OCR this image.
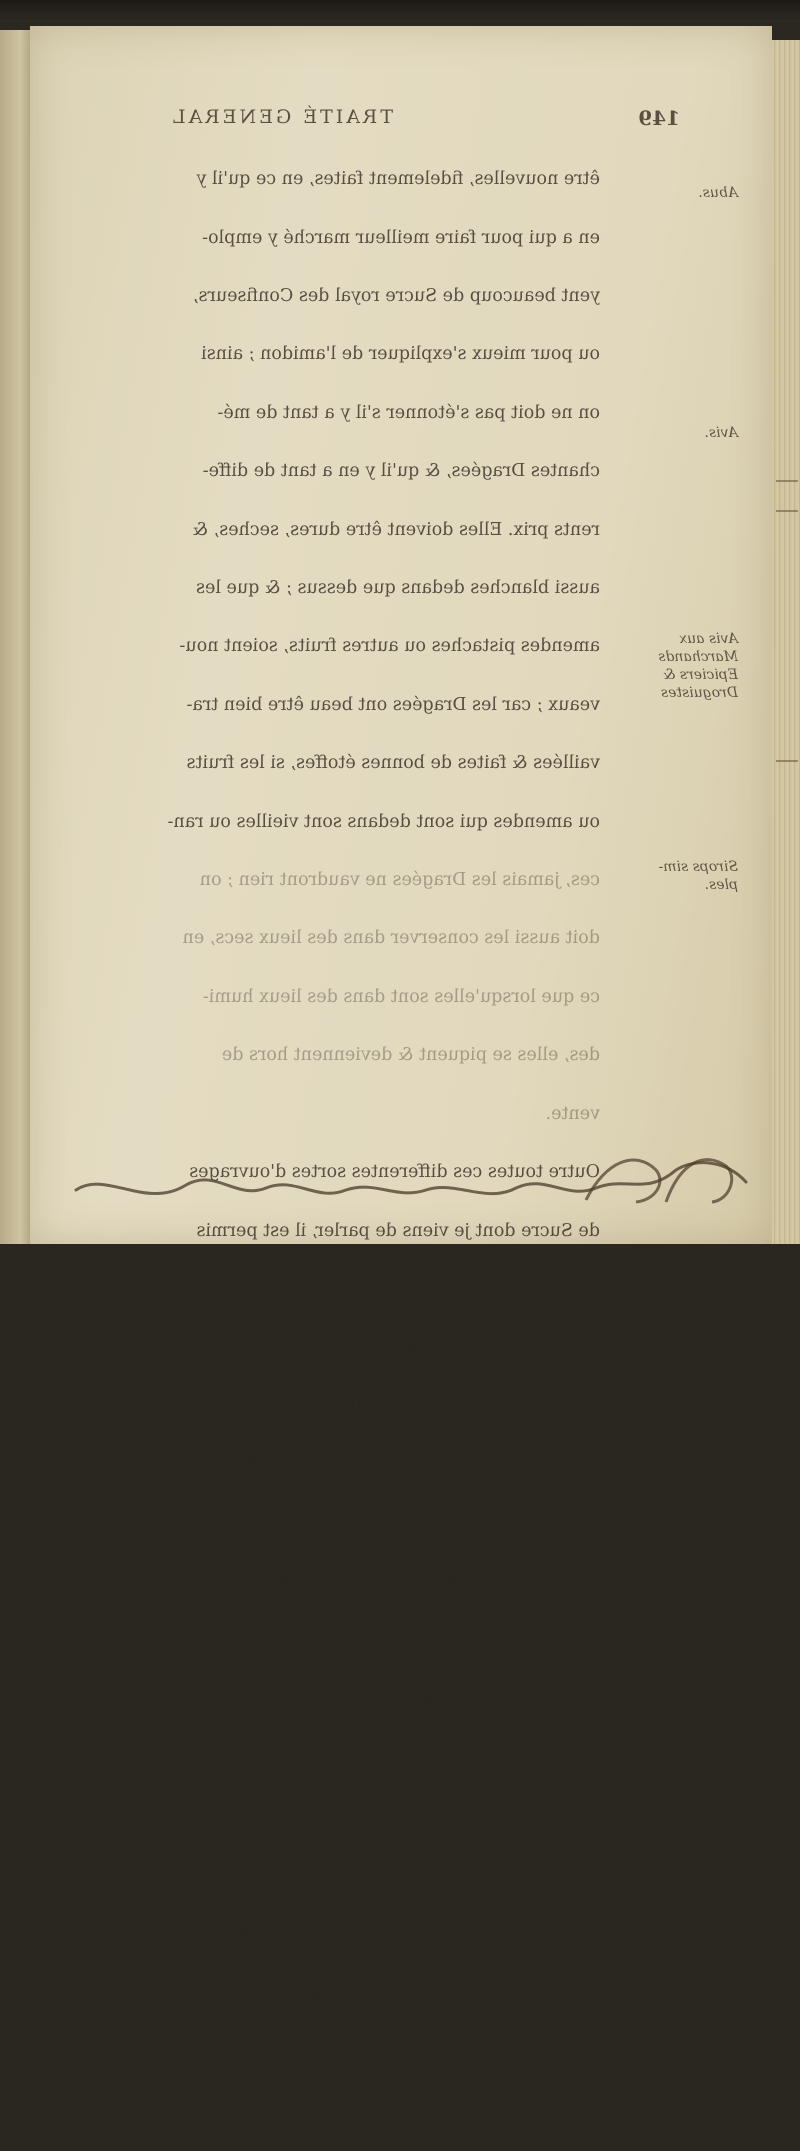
149
TRAITÉ GENERAL

être nouvelles, fidelement faites, en ce qu'il y

en a qui pour faire meilleur marché y emplo-

yent beaucoup de Sucre royal des Confiseurs,

ou pour mieux s'expliquer de l'amidon ; ainsi

on ne doit pas s'étonner s'il y a tant de mé-

chantes Dragées, & qu'il y en a tant de diffe-

rents prix. Elles doivent être dures, seches, &

aussi blanches dedans que dessus ; & que les

amendes pistaches ou autres fruits, soient nou-

veaux ; car les Dragées ont beau être bien tra-

vaillées & faites de bonnes étoffes, si les fruits

ou amendes qui sont dedans sont vieilles ou ran-

ces, jamais les Dragées ne vaudront rien ; on

doit aussi les conserver dans des lieux secs, en

ce que lorsqu'elles sont dans des lieux humi-

des, elles se piquent & deviennent hors de

vente.

Outre toutes ces differentes sortes d'ouvrages

de Sucre dont je viens de parler, il est permis

aux Marchands Epiciers, comme étant Confi-

seurs de vendre toutes sortes de confitures seches

& liquides, & de les travailler eux-mêmes, ou

de les faire venir des lieux où on les fait, com-

me de Madere, l'écorce de citron de Tours,

l'écorce d'orange, les noix de Roüen, le Co-

tignac d'Orleans & autres lieux, & de les ven-

dre en gros & en détail, & en qualité de Con-

fiseurs. Ils leur est encore permis de vendre tou-

tes sortes de confitures seches & liquides, & aussi

toutes sortes de sirops simples de fleurs & de

fruits, comme pourroit être les sirops de pom-

mes, de cerise, de noix, de coing, d'épine

vinette, que les Apoticaires appellent ordinai-

rement du mot Latin Berberis, ou du mot Grec

Abus.
Avis.
Avis aux
Marchands
Epiciers &
Droguistes
Sirops sim-
ples.
